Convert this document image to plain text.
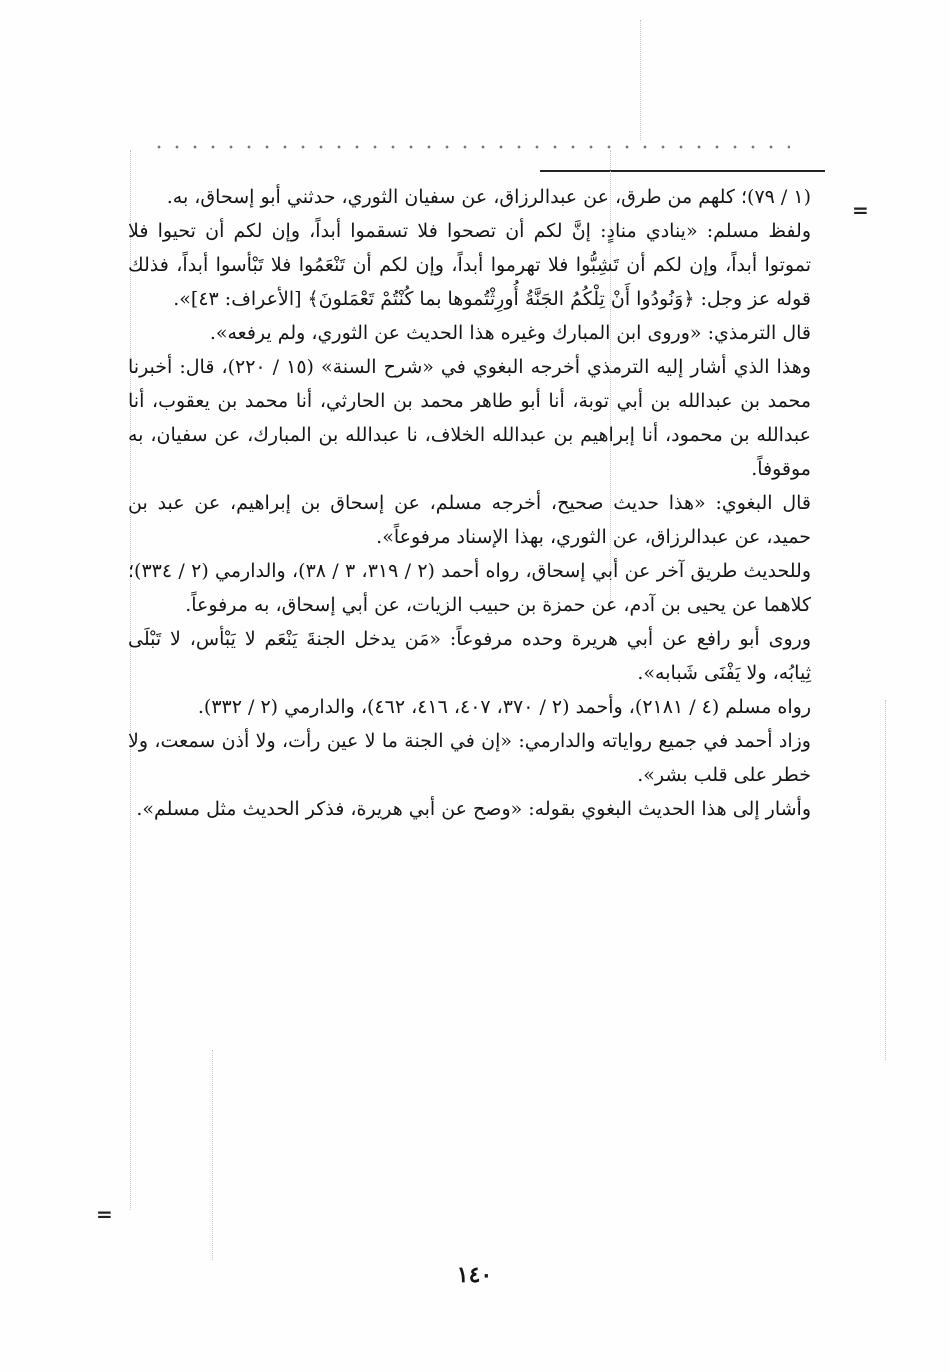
=
=

(١ / ٧٩)؛ كلهم من طرق، عن عبدالرزاق، عن سفيان الثوري، حدثني أبو إسحاق، به.

ولفظ مسلم: «ينادي منادٍ: إنَّ لكم أن تصحوا فلا تسقموا أبداً، وإن لكم أن تحيوا فلا تموتوا أبداً، وإن لكم أن تَشِبُّوا فلا تهرموا أبداً، وإن لكم أن تَنْعَمُوا فلا تَبْأسوا أبداً، فذلك قوله عز وجل: ﴿وَنُودُوا أَنْ تِلْكُمُ الجَنَّةُ أُورِثْتُموها بما كُنْتُمْ تَعْمَلونَ﴾ [الأعراف: ٤٣]».

قال الترمذي: «وروى ابن المبارك وغيره هذا الحديث عن الثوري، ولم يرفعه».

وهذا الذي أشار إليه الترمذي أخرجه البغوي في «شرح السنة» (١٥ / ٢٢٠)، قال: أخبرنا محمد بن عبدالله بن أبي توبة، أنا أبو طاهر محمد بن الحارثي، أنا محمد بن يعقوب، أنا عبدالله بن محمود، أنا إبراهيم بن عبدالله الخلاف، نا عبدالله بن المبارك، عن سفيان، به موقوفاً.

قال البغوي: «هذا حديث صحيح، أخرجه مسلم، عن إسحاق بن إبراهيم، عن عبد بن حميد، عن عبدالرزاق، عن الثوري، بهذا الإسناد مرفوعاً».

وللحديث طريق آخر عن أبي إسحاق، رواه أحمد (٢ / ٣١٩، ٣ / ٣٨)، والدارمي (٢ / ٣٣٤)؛ كلاهما عن يحيى بن آدم، عن حمزة بن حبيب الزيات، عن أبي إسحاق، به مرفوعاً.

وروى أبو رافع عن أبي هريرة وحده مرفوعاً: «مَن يدخل الجنةَ يَنْعَم لا يَبْأس، لا تَبْلَى ثِيابُه، ولا يَفْنَى شَبابه».

رواه مسلم (٤ / ٢١٨١)، وأحمد (٢ / ٣٧٠، ٤٠٧، ٤١٦، ٤٦٢)، والدارمي (٢ / ٣٣٢).

وزاد أحمد في جميع رواياته والدارمي: «إن في الجنة ما لا عين رأت، ولا أذن سمعت، ولا خطر على قلب بشر».

وأشار إلى هذا الحديث البغوي بقوله: «وصح عن أبي هريرة، فذكر الحديث مثل مسلم».

١٤٠
